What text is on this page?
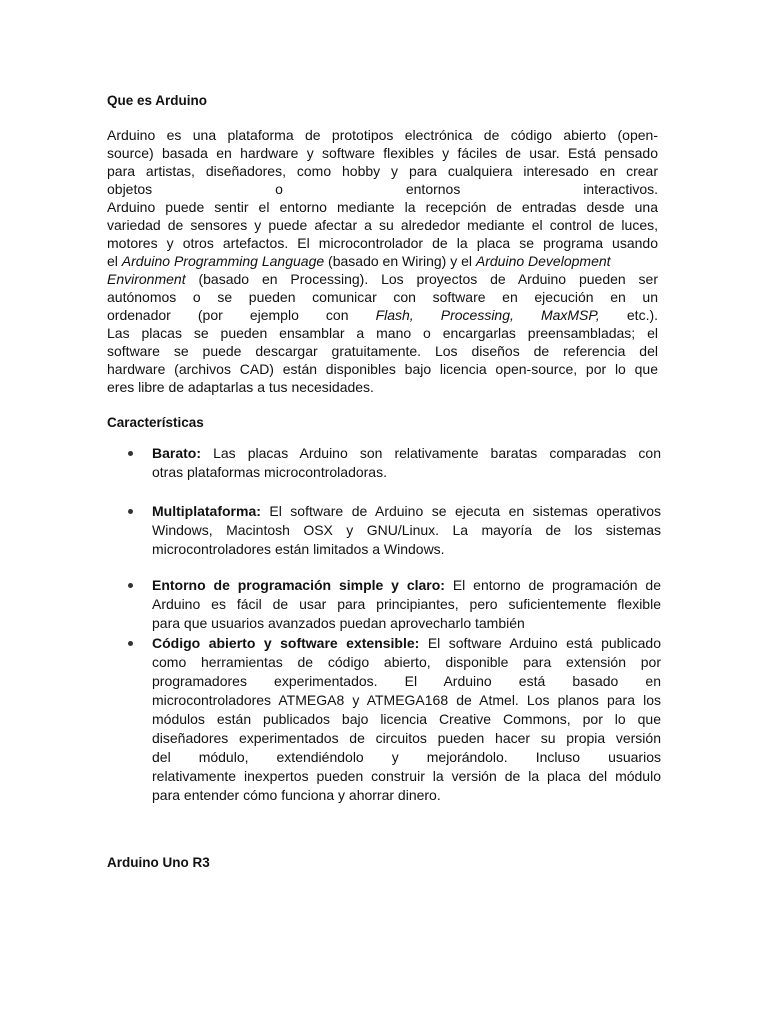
Que es Arduino
Arduino es una plataforma de prototipos electrónica de código abierto (open-
source) basada en hardware y software flexibles y fáciles de usar. Está pensado
para artistas, diseñadores, como hobby y para cualquiera interesado en crear
objetos o entornos interactivos.
Arduino puede sentir el entorno mediante la recepción de entradas desde una
variedad de sensores y puede afectar a su alrededor mediante el control de luces,
motores y otros artefactos. El microcontrolador de la placa se programa usando
el Arduino Programming Language (basado en Wiring) y el Arduino Development
Environment (basado en Processing). Los proyectos de Arduino pueden ser
autónomos o se pueden comunicar con software en ejecución en un
ordenador (por ejemplo con Flash, Processing, MaxMSP, etc.).
Las placas se pueden ensamblar a mano o encargarlas preensambladas; el
software se puede descargar gratuitamente. Los diseños de referencia del
hardware (archivos CAD) están disponibles bajo licencia open-source, por lo que
eres libre de adaptarlas a tus necesidades.
Características
Barato: Las placas Arduino son relativamente baratas comparadas con
otras plataformas microcontroladoras.
Multiplataforma: El software de Arduino se ejecuta en sistemas operativos
Windows, Macintosh OSX y GNU/Linux. La mayoría de los sistemas
microcontroladores están limitados a Windows.
Entorno de programación simple y claro: El entorno de programación de
Arduino es fácil de usar para principiantes, pero suficientemente flexible
para que usuarios avanzados puedan aprovecharlo también
Código abierto y software extensible: El software Arduino está publicado
como herramientas de código abierto, disponible para extensión por
programadores experimentados. El Arduino está basado en
microcontroladores ATMEGA8 y ATMEGA168 de Atmel. Los planos para los
módulos están publicados bajo licencia Creative Commons, por lo que
diseñadores experimentados de circuitos pueden hacer su propia versión
del módulo, extendiéndolo y mejorándolo. Incluso usuarios
relativamente inexpertos pueden construir la versión de la placa del módulo
para entender cómo funciona y ahorrar dinero.
Arduino Uno R3
